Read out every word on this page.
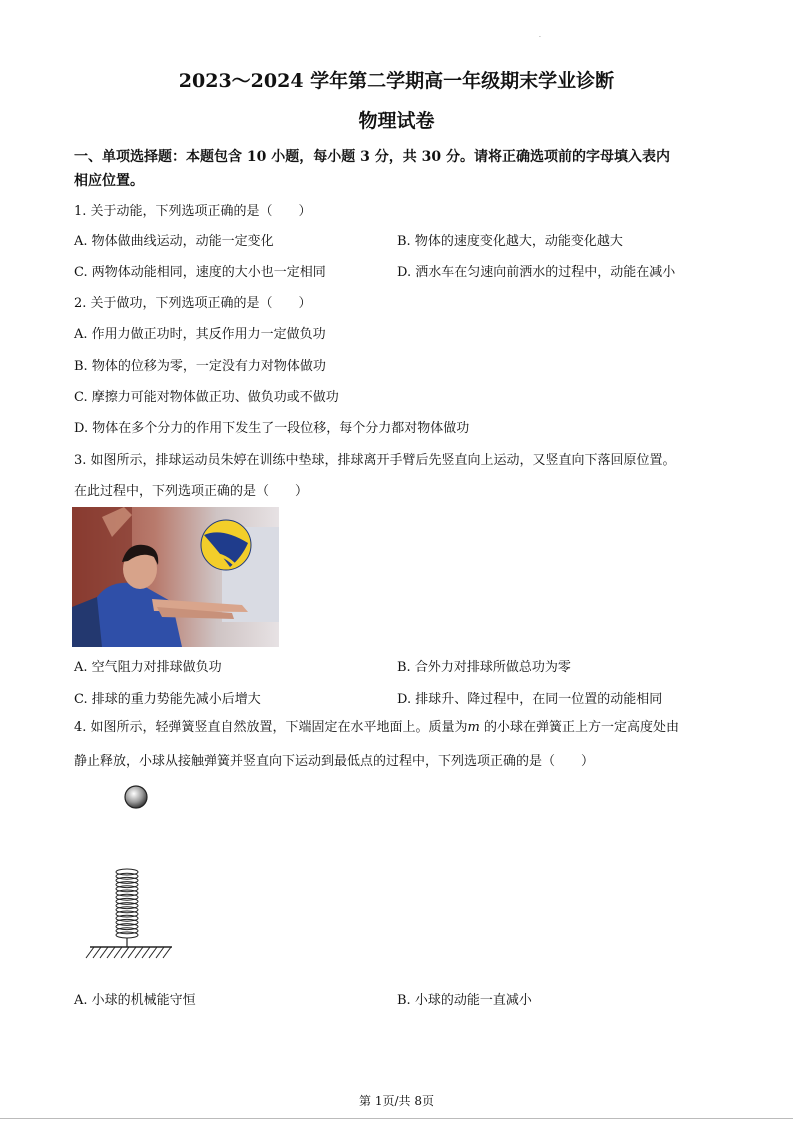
.
2023～2024 学年第二学期高一年级期末学业诊断
物理试卷
一、单项选择题：本题包含 10 小题，每小题 3 分，共 30 分。请将正确选项前的字母填入表内
相应位置。
1. 关于动能，下列选项正确的是（　　）
A. 物体做曲线运动，动能一定变化	B. 物体的速度变化越大，动能变化越大
C. 两物体动能相同，速度的大小也一定相同	D. 洒水车在匀速向前洒水的过程中，动能在减小
2. 关于做功，下列选项正确的是（　　）
A. 作用力做正功时，其反作用力一定做负功
B. 物体的位移为零，一定没有力对物体做功
C. 摩擦力可能对物体做正功、做负功或不做功
D. 物体在多个分力的作用下发生了一段位移，每个分力都对物体做功
3. 如图所示，排球运动员朱婷在训练中垫球，排球离开手臂后先竖直向上运动，又竖直向下落回原位置。
在此过程中，下列选项正确的是（　　）
A. 空气阻力对排球做负功	B. 合外力对排球所做总功为零
C. 排球的重力势能先减小后增大	D. 排球升、降过程中，在同一位置的动能相同
4. 如图所示，轻弹簧竖直自然放置，下端固定在水平地面上。质量为m 的小球在弹簧正上方一定高度处由
静止释放，小球从接触弹簧并竖直向下运动到最低点的过程中，下列选项正确的是（　　）
A. 小球的机械能守恒	B. 小球的动能一直减小
第 1页/共 8页
